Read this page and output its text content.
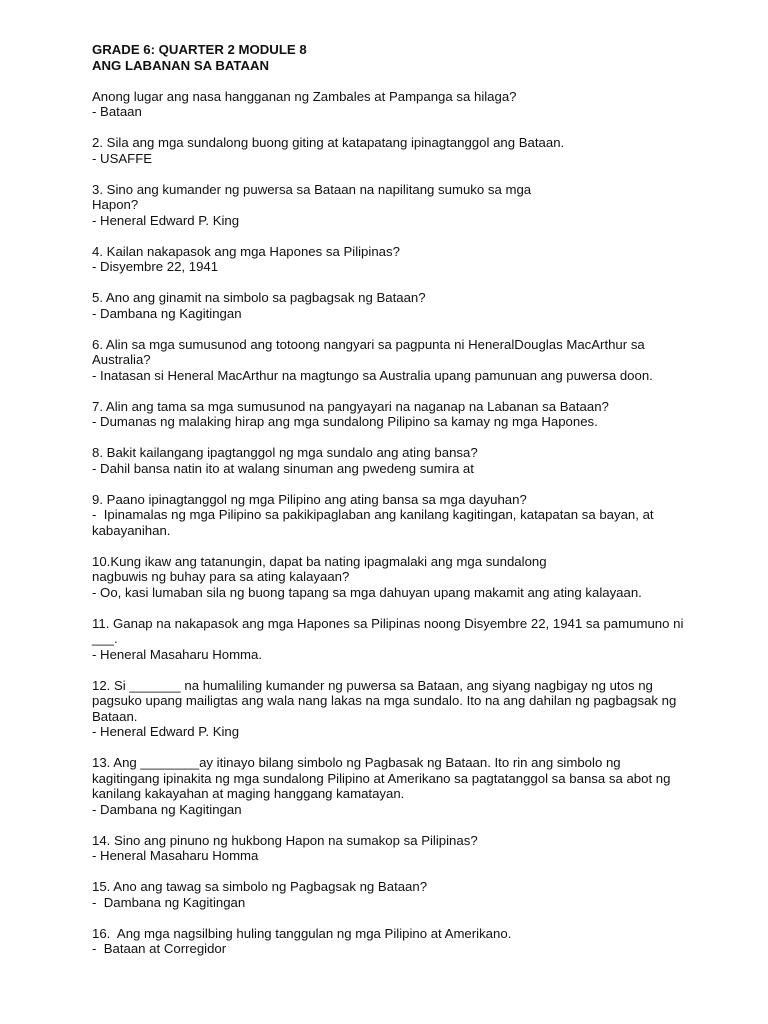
GRADE 6: QUARTER 2 MODULE 8

ANG LABANAN SA BATAAN

Anong lugar ang nasa hangganan ng Zambales at Pampanga sa hilaga?

- Bataan

2. Sila ang mga sundalong buong giting at katapatang ipinagtanggol ang Bataan.

- USAFFE

3. Sino ang kumander ng puwersa sa Bataan na napilitang sumuko sa mga
Hapon?

- Heneral Edward P. King

4. Kailan nakapasok ang mga Hapones sa Pilipinas?

- Disyembre 22, 1941

5. Ano ang ginamit na simbolo sa pagbagsak ng Bataan?

- Dambana ng Kagitingan

6. Alin sa mga sumusunod ang totoong nangyari sa pagpunta ni HeneralDouglas MacArthur sa
Australia?

- Inatasan si Heneral MacArthur na magtungo sa Australia upang pamunuan ang puwersa doon.

7. Alin ang tama sa mga sumusunod na pangyayari na naganap na Labanan sa Bataan?

- Dumanas ng malaking hirap ang mga sundalong Pilipino sa kamay ng mga Hapones.

8. Bakit kailangang ipagtanggol ng mga sundalo ang ating bansa?

- Dahil bansa natin ito at walang sinuman ang pwedeng sumira at

9. Paano ipinagtanggol ng mga Pilipino ang ating bansa sa mga dayuhan?

-  Ipinamalas ng mga Pilipino sa pakikipaglaban ang kanilang kagitingan, katapatan sa bayan, at
kabayanihan.

10.Kung ikaw ang tatanungin, dapat ba nating ipagmalaki ang mga sundalong
nagbuwis ng buhay para sa ating kalayaan?

- Oo, kasi lumaban sila ng buong tapang sa mga dahuyan upang makamit ang ating kalayaan.

11. Ganap na nakapasok ang mga Hapones sa Pilipinas noong Disyembre 22, 1941 sa pamumuno ni
___.

- Heneral Masaharu Homma.

12. Si _______ na humaliling kumander ng puwersa sa Bataan, ang siyang nagbigay ng utos ng
pagsuko upang mailigtas ang wala nang lakas na mga sundalo. Ito na ang dahilan ng pagbagsak ng
Bataan.

- Heneral Edward P. King

13. Ang ________ay itinayo bilang simbolo ng Pagbasak ng Bataan. Ito rin ang simbolo ng
kagitingang ipinakita ng mga sundalong Pilipino at Amerikano sa pagtatanggol sa bansa sa abot ng
kanilang kakayahan at maging hanggang kamatayan.

- Dambana ng Kagitingan

14. Sino ang pinuno ng hukbong Hapon na sumakop sa Pilipinas?

- Heneral Masaharu Homma

15. Ano ang tawag sa simbolo ng Pagbagsak ng Bataan?

-  Dambana ng Kagitingan

16.  Ang mga nagsilbing huling tanggulan ng mga Pilipino at Amerikano.

-  Bataan at Corregidor
